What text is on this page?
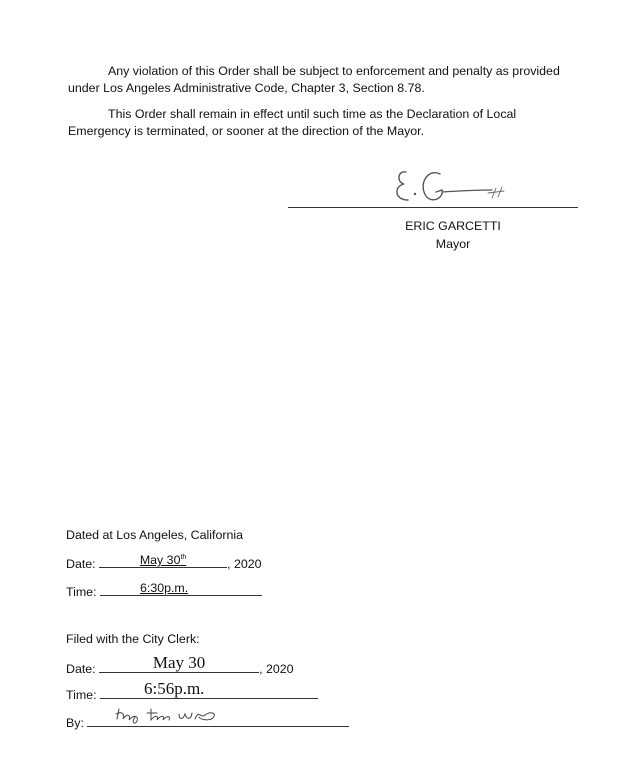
Any violation of this Order shall be subject to enforcement and penalty as provided under Los Angeles Administrative Code, Chapter 3, Section 8.78.

This Order shall remain in effect until such time as the Declaration of Local Emergency is terminated, or sooner at the direction of the Mayor.

ERIC GARCETTI
Mayor
Dated at Los Angeles, California
Date:	May 30th	, 2020
Time:	6:30p.m.
Filed with the City Clerk:
Date:	May 30	, 2020
Time:	6:56p.m.
By:
